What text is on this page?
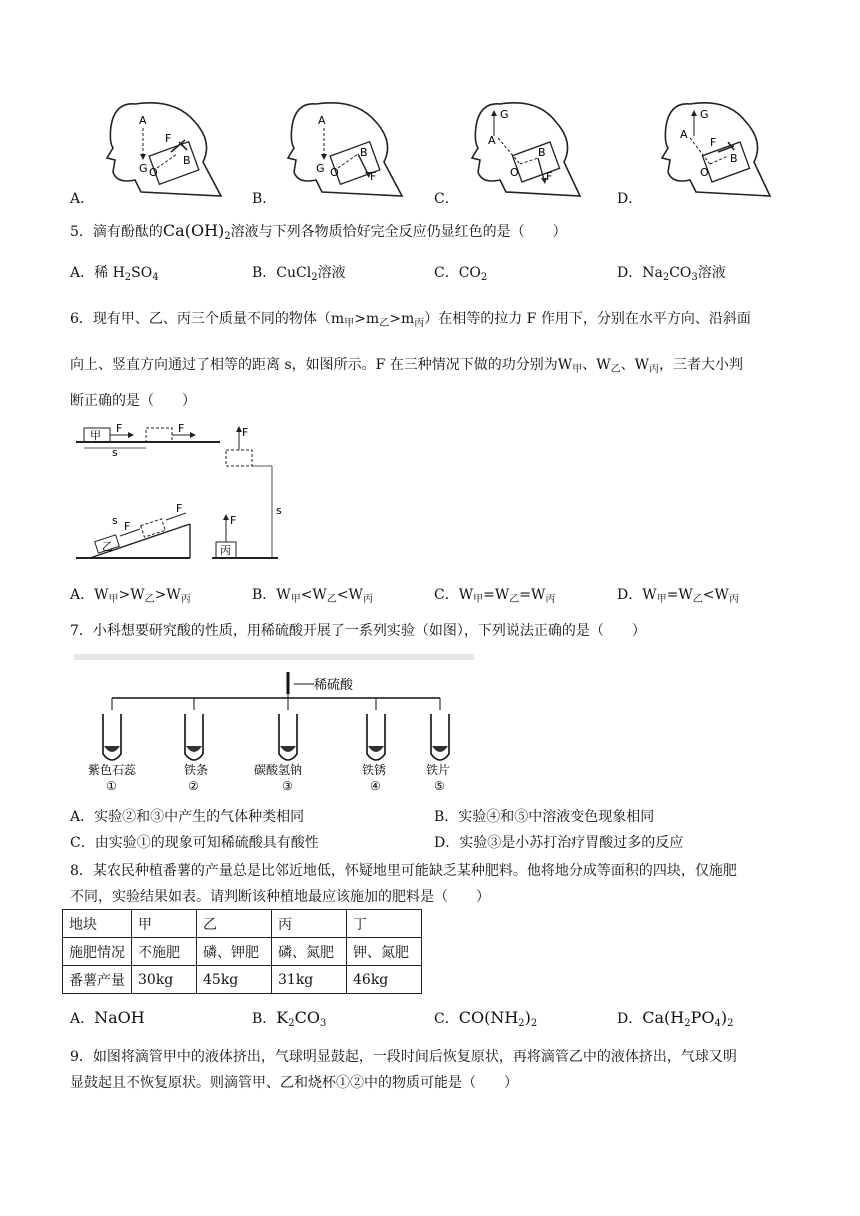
A
G
F
O
B
A．
A
G O
B
F
B．
G
A
O
B
F
C．
G
A
F
O
B
D．
5．滴有酚酞的$Ca(OH)_2$溶液与下列各物质恰好完全反应仍显红色的是（　　）
A．稀 $H_2SO_4$	B．CuCl$_2$溶液	C．$CO_2$	D．$Na_2CO_3$溶液
6．现有甲、乙、丙三个质量不同的物体$(m_甲>m_乙>m_丙)$在相等的拉力 F 作用下，分别在水平方向、沿斜面
向上、竖直方向通过了相等的距离 s，如图所示。F 在三种情况下做的功分别为$W_甲$、$W_乙$、$W_丙$，三者大小判
断正确的是（　　）
甲
F	F
s
乙
F
F
s
丙
F
F
s
A．$W_甲>W_乙>W_丙$	B．$W_甲<W_乙<W_丙$	C．$W_甲=W_乙=W_丙$	D．$W_甲=W_乙<W_丙$
7．小科想要研究酸的性质，用稀硫酸开展了一系列实验（如图），下列说法正确的是（　　）
稀硫酸
紫色石蕊	铁条	碳酸氢钠	铁锈	铁片
①	②	③	④	⑤
A．实验②和③中产生的气体种类相同	B．实验④和⑤中溶液变色现象相同
C．由实验①的现象可知稀硫酸具有酸性	D．实验③是小苏打治疗胃酸过多的反应
8．某农民种植番薯的产量总是比邻近地低，怀疑地里可能缺乏某种肥料。他将地分成等面积的四块，仅施肥
不同，实验结果如表。请判断该种植地最应该施加的肥料是（　　）
地块	甲	乙	丙	丁
施肥情况	不施肥	磷、钾肥	磷、氮肥	钾、氮肥
番薯产量	30kg	45kg	31kg	46kg
A．NaOH	B．$K_2CO_3$	C．$CO(NH_2)_2$	D．$Ca(H_2PO_4)_2$
9．如图将滴管甲中的液体挤出，气球明显鼓起，一段时间后恢复原状，再将滴管乙中的液体挤出，气球又明
显鼓起且不恢复原状。则滴管甲、乙和烧杯①②中的物质可能是（　　）
